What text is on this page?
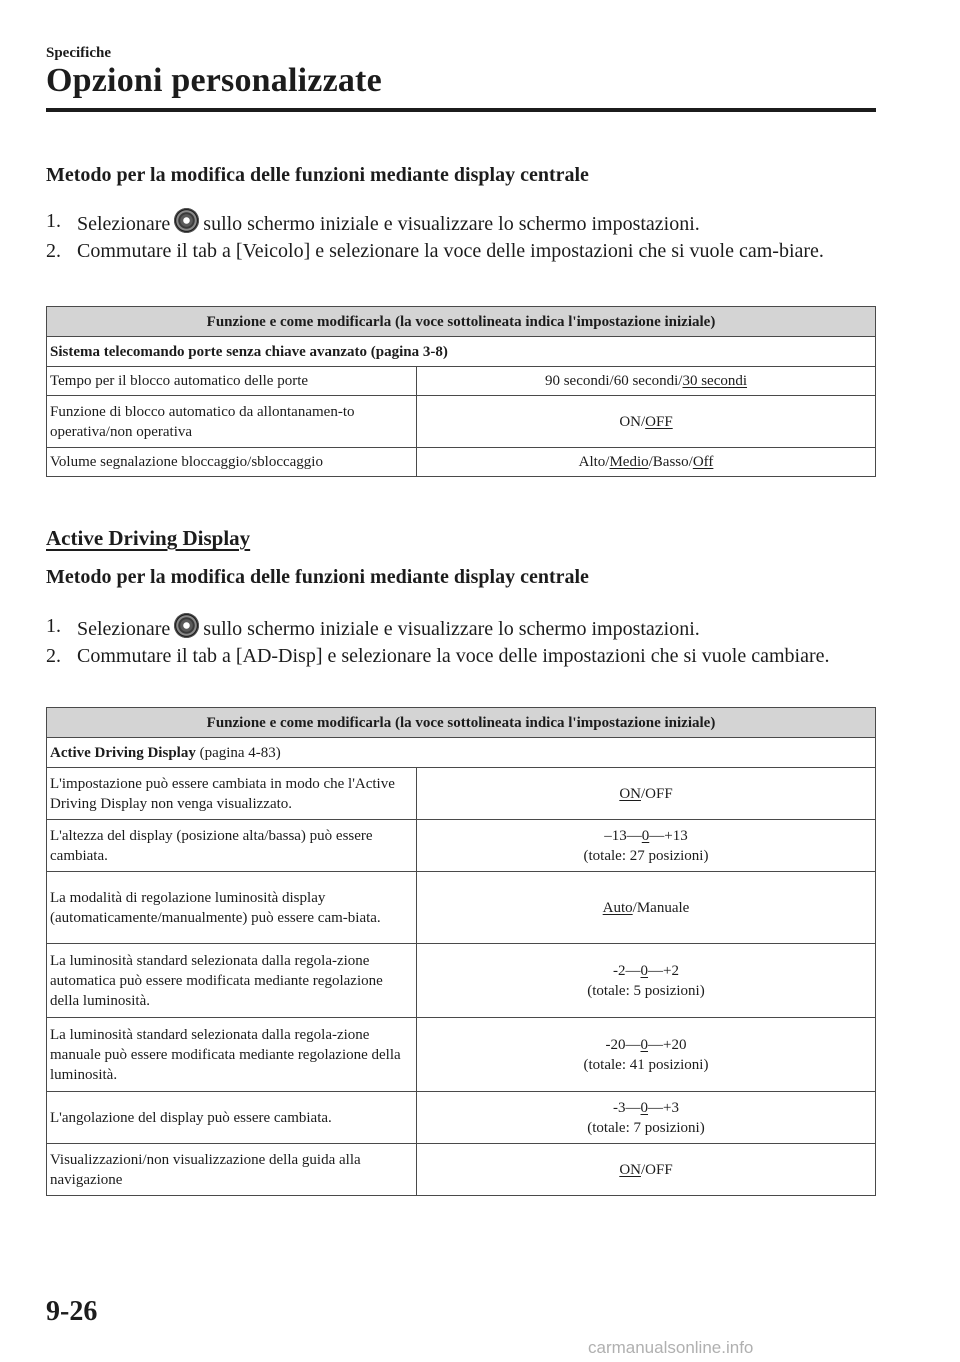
Specifiche
Opzioni personalizzate
Metodo per la modifica delle funzioni mediante display centrale
1. Selezionare sullo schermo iniziale e visualizzare lo schermo impostazioni.
2. Commutare il tab a [Veicolo] e selezionare la voce delle impostazioni che si vuole cam-biare.
Funzione e come modificarla (la voce sottolineata indica l'impostazione iniziale)	
Sistema telecomando porte senza chiave avanzato (pagina 3-8)	
Tempo per il blocco automatico delle porte	90 secondi/60 secondi/30 secondi
Funzione di blocco automatico da allontanamen-to operativa/non operativa	ON/OFF
Volume segnalazione bloccaggio/sbloccaggio	Alto/Medio/Basso/Off
Active Driving Display
Metodo per la modifica delle funzioni mediante display centrale
1. Selezionare sullo schermo iniziale e visualizzare lo schermo impostazioni.
2. Commutare il tab a [AD-Disp] e selezionare la voce delle impostazioni che si vuole cambiare.
Funzione e come modificarla (la voce sottolineata indica l'impostazione iniziale)	
Active Driving Display (pagina 4-83)	
L'impostazione può essere cambiata in modo che l'Active Driving Display non venga visualizzato.	ON/OFF
L'altezza del display (posizione alta/bassa) può essere cambiata.	–13—0—+13
(totale: 27 posizioni)
La modalità di regolazione luminosità display (automaticamente/manualmente) può essere cam-biata.	Auto/Manuale
La luminosità standard selezionata dalla regola-zione automatica può essere modificata mediante regolazione della luminosità.	-2—0—+2
(totale: 5 posizioni)
La luminosità standard selezionata dalla regola-zione manuale può essere modificata mediante regolazione della luminosità.	-20—0—+20
(totale: 41 posizioni)
L'angolazione del display può essere cambiata.	-3—0—+3
(totale: 7 posizioni)
Visualizzazioni/non visualizzazione della guida alla navigazione	ON/OFF
9-26
carmanualsonline.info
